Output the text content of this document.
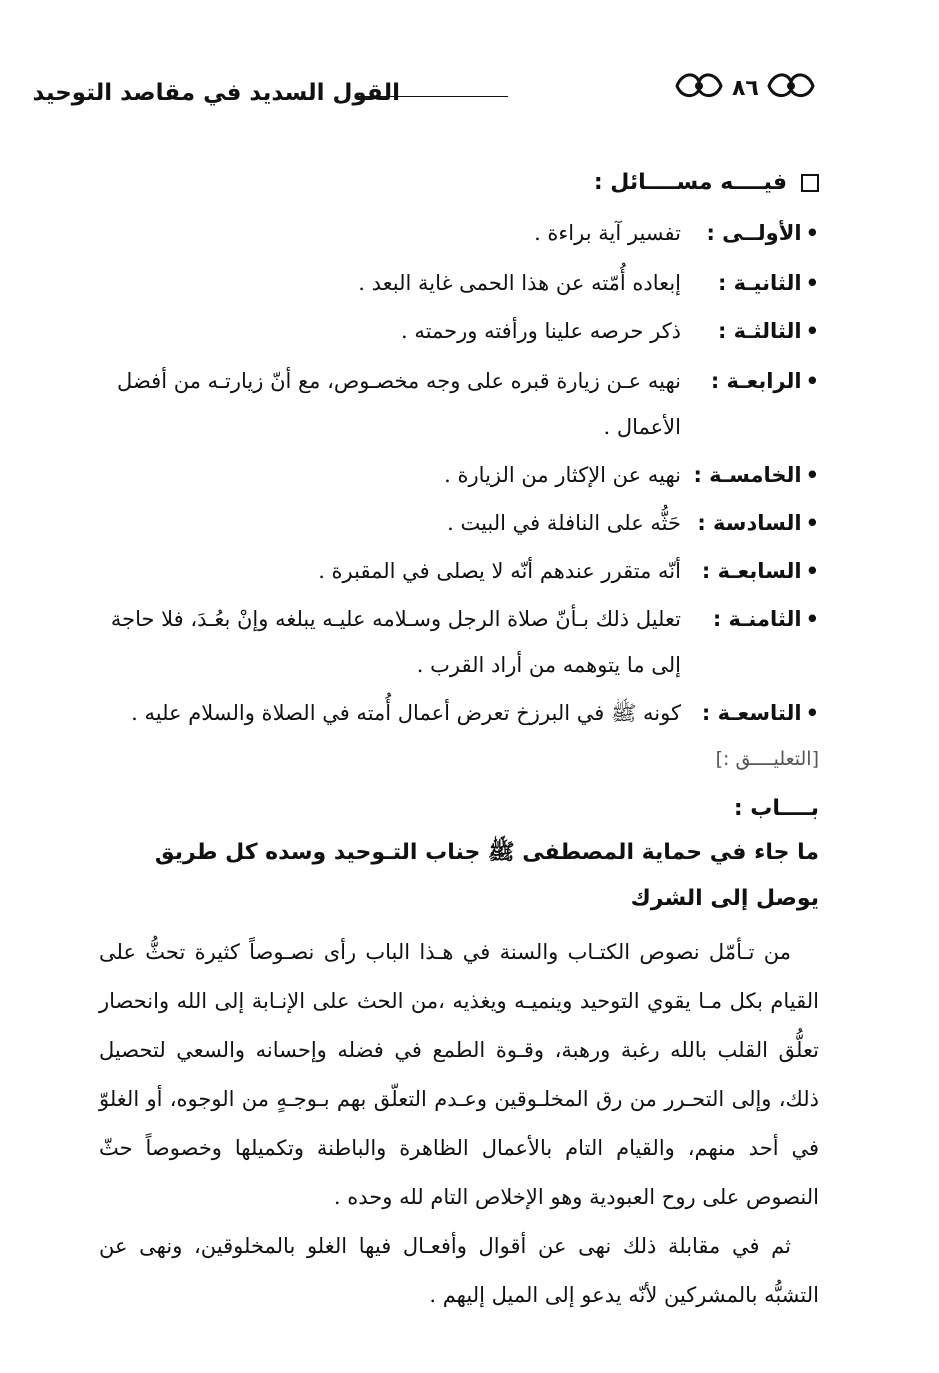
القول السديد في مقاصد التوحيد	٨٦
فيــــه مســــائل :
• الأولــى :
تفسير آية براءة .
• الثانيـة :
إبعاده أُمّته عن هذا الحمى غاية البعد .
• الثالثـة :
ذكر حرصه علينا ورأفته ورحمته .
• الرابعـة :
نهيه عـن زيارة قبره على وجه مخصـوص، مع أنّ زيارتـه من أفضل الأعمال .
• الخامسـة :
نهيه عن الإكثار من الزيارة .
• السادسة :
حَثُّه على النافلة في البيت .
• السابعـة :
أنّه متقرر عندهم أنّه لا يصلى في المقبرة .
• الثامنـة :
تعليل ذلك بـأنّ صلاة الرجل وسـلامه عليـه يبلغه وإنْ بعُـدَ، فلا حاجة إلى ما يتوهمه من أراد القرب .
• التاسعـة :
كونه ﷺ في البرزخ تعرض أعمال أُمته في الصلاة والسلام عليه .
[التعليــــق :]
بــــاب :
ما جاء في حماية المصطفى ﷺ جناب التـوحيد وسده كل طريق يوصل إلى الشرك
من تـأمّل نصوص الكتـاب والسنة في هـذا الباب رأى نصـوصاً كثيرة تحثُّ على القيام بكل مـا يقوي التوحيد وينميـه ويغذيه ،من الحث على الإنـابة إلى الله وانحصار تعلُّق القلب بالله رغبة ورهبة، وقـوة الطمع في فضله وإحسانه والسعي لتحصيل ذلك، وإلى التحـرر من رق المخلـوقين وعـدم التعلّق بهم بـوجـهٍ من الوجوه، أو الغلوّ في أحد منهم، والقيام التام بالأعمال الظاهرة والباطنة وتكميلها وخصوصاً حثّ النصوص على روح العبودية وهو الإخلاص التام لله وحده .
ثم في مقابلة ذلك نهى عن أقوال وأفعـال فيها الغلو بالمخلوقين، ونهى عن التشبُّه بالمشركين لأنّه يدعو إلى الميل إليهم .
